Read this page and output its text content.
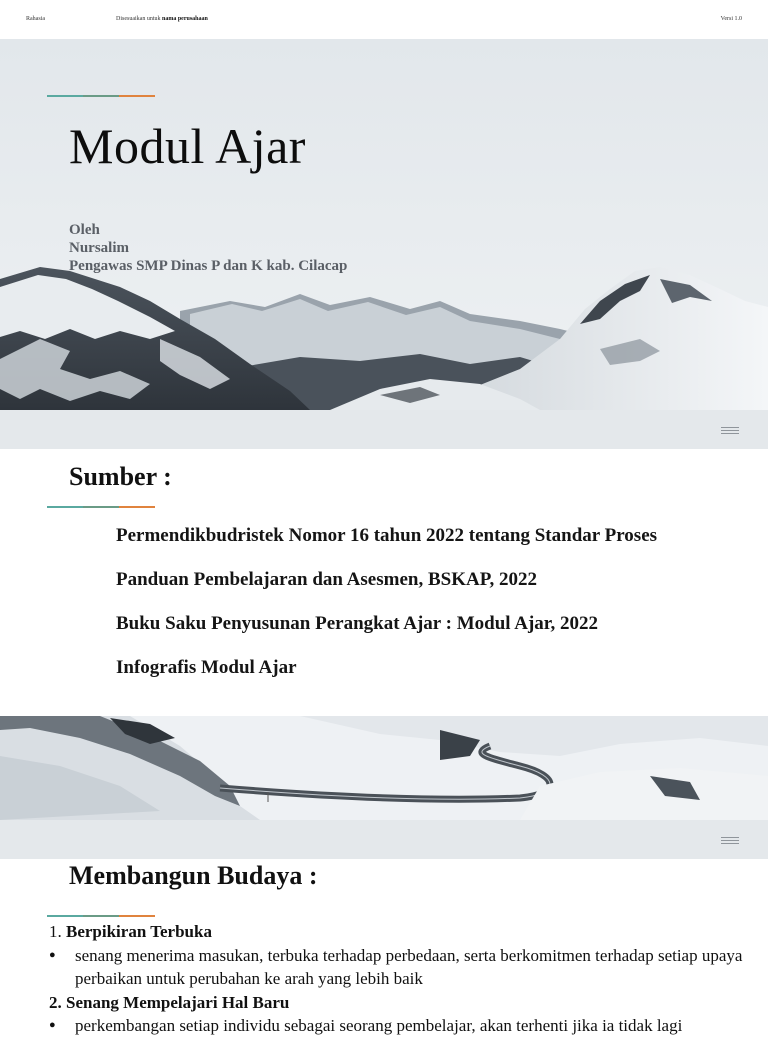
Rahasia	Disesuaikan untuk nama perusahaan	Versi 1.0
Modul Ajar
Oleh
Nursalim
Pengawas SMP Dinas P dan K kab. Cilacap
Sumber :
Permendikbudristek Nomor 16 tahun 2022 tentang Standar Proses
Panduan Pembelajaran dan Asesmen, BSKAP, 2022
Buku Saku Penyusunan Perangkat Ajar : Modul Ajar, 2022
Infografis Modul Ajar
Membangun Budaya :
1. Berpikiran Terbuka
● senang menerima masukan, terbuka terhadap perbedaan, serta berkomitmen terhadap setiap upaya perbaikan untuk perubahan ke arah yang lebih baik
2. Senang Mempelajari Hal Baru
● perkembangan setiap individu sebagai seorang pembelajar, akan terhenti jika ia tidak lagi
